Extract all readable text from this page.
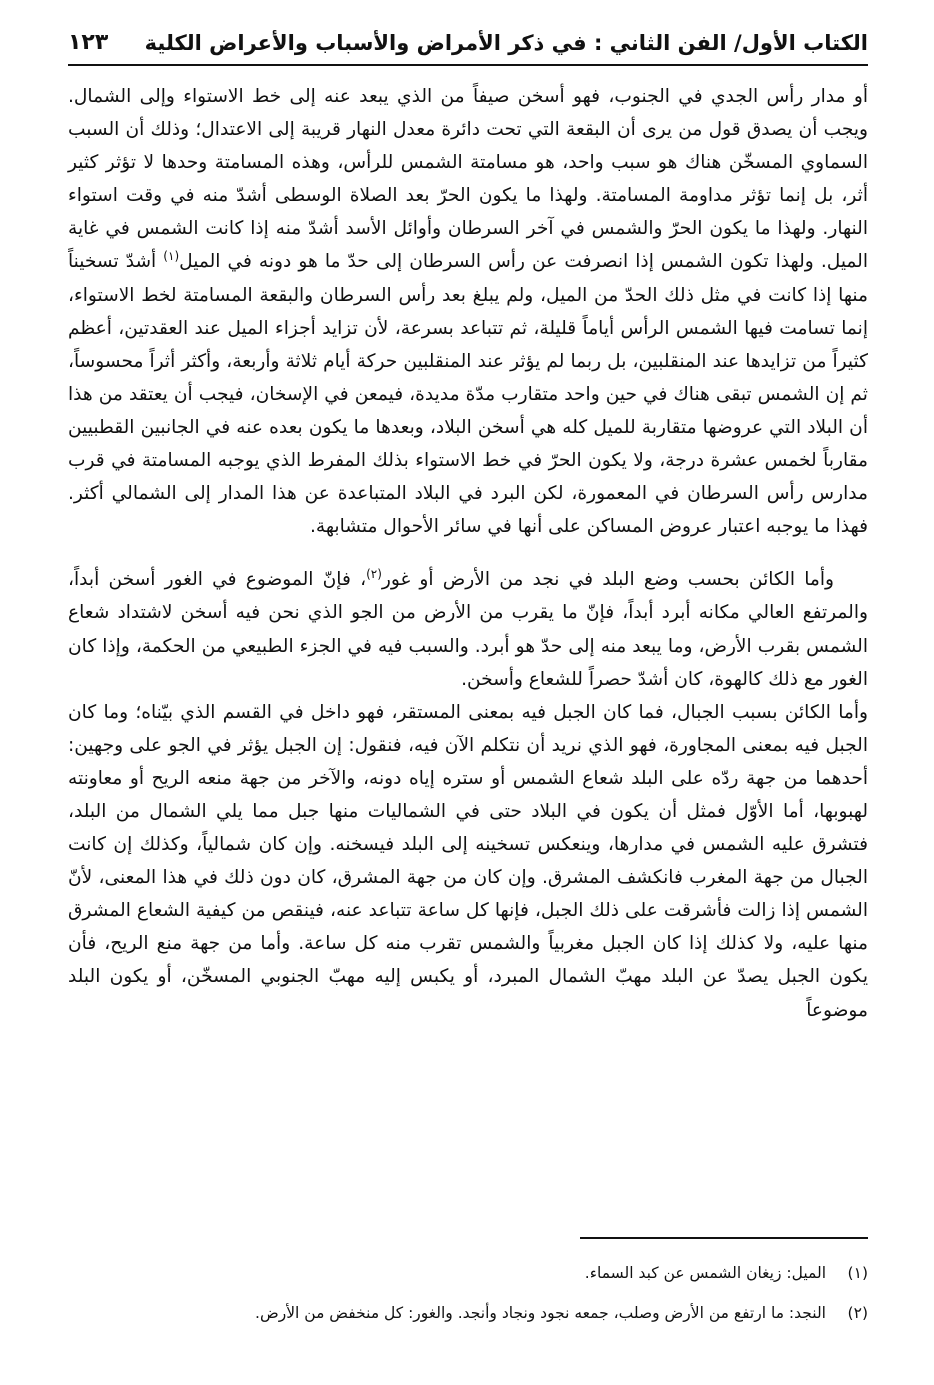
الكتاب الأول/ الفن الثاني : في ذكر الأمراض والأسباب والأعراض الكلية
١٢٣

أو مدار رأس الجدي في الجنوب، فهو أسخن صيفاً من الذي يبعد عنه إلى خط الاستواء وإلى الشمال. ويجب أن يصدق قول من يرى أن البقعة التي تحت دائرة معدل النهار قريبة إلى الاعتدال؛ وذلك أن السبب السماوي المسخّن هناك هو سبب واحد، هو مسامتة الشمس للرأس، وهذه المسامتة وحدها لا تؤثر كثير أثر، بل إنما تؤثر مداومة المسامتة. ولهذا ما يكون الحرّ بعد الصلاة الوسطى أشدّ منه في وقت استواء النهار. ولهذا ما يكون الحرّ والشمس في آخر السرطان وأوائل الأسد أشدّ منه إذا كانت الشمس في غاية الميل. ولهذا تكون الشمس إذا انصرفت عن رأس السرطان إلى حدّ ما هو دونه في الميل$^{(١)}$ أشدّ تسخيناً منها إذا كانت في مثل ذلك الحدّ من الميل، ولم يبلغ بعد رأس السرطان والبقعة المسامتة لخط الاستواء، إنما تسامت فيها الشمس الرأس أياماً قليلة، ثم تتباعد بسرعة، لأن تزايد أجزاء الميل عند العقدتين، أعظم كثيراً من تزايدها عند المنقلبين، بل ربما لم يؤثر عند المنقلبين حركة أيام ثلاثة وأربعة، وأكثر أثراً محسوساً، ثم إن الشمس تبقى هناك في حين واحد متقارب مدّة مديدة، فيمعن في الإسخان، فيجب أن يعتقد من هذا أن البلاد التي عروضها متقاربة للميل كله هي أسخن البلاد، وبعدها ما يكون بعده عنه في الجانبين القطبيين مقارباً لخمس عشرة درجة، ولا يكون الحرّ في خط الاستواء بذلك المفرط الذي يوجبه المسامتة في قرب مدارس رأس السرطان في المعمورة، لكن البرد في البلاد المتباعدة عن هذا المدار إلى الشمالي أكثر. فهذا ما يوجبه اعتبار عروض المساكن على أنها في سائر الأحوال متشابهة.

وأما الكائن بحسب وضع البلد في نجد من الأرض أو غور$^{(٢)}$، فإنّ الموضوع في الغور أسخن أبداً، والمرتفع العالي مكانه أبرد أبداً، فإنّ ما يقرب من الأرض من الجو الذي نحن فيه أسخن لاشتداد شعاع الشمس بقرب الأرض، وما يبعد منه إلى حدّ هو أبرد. والسبب فيه في الجزء الطبيعي من الحكمة، وإذا كان الغور مع ذلك كالهوة، كان أشدّ حصراً للشعاع وأسخن.

وأما الكائن بسبب الجبال، فما كان الجبل فيه بمعنى المستقر، فهو داخل في القسم الذي بيّناه؛ وما كان الجبل فيه بمعنى المجاورة، فهو الذي نريد أن نتكلم الآن فيه، فنقول: إن الجبل يؤثر في الجو على وجهين: أحدهما من جهة ردّه على البلد شعاع الشمس أو ستره إياه دونه، والآخر من جهة منعه الريح أو معاونته لهبوبها، أما الأوّل فمثل أن يكون في البلاد حتى في الشماليات منها جبل مما يلي الشمال من البلد، فتشرق عليه الشمس في مدارها، وينعكس تسخينه إلى البلد فيسخنه. وإن كان شمالياً، وكذلك إن كانت الجبال من جهة المغرب فانكشف المشرق. وإن كان من جهة المشرق، كان دون ذلك في هذا المعنى، لأنّ الشمس إذا زالت فأشرقت على ذلك الجبل، فإنها كل ساعة تتباعد عنه، فينقص من كيفية الشعاع المشرق منها عليه، ولا كذلك إذا كان الجبل مغربياً والشمس تقرب منه كل ساعة. وأما من جهة منع الريح، فأن يكون الجبل يصدّ عن البلد مهبّ الشمال المبرد، أو يكبس إليه مهبّ الجنوبي المسخّن، أو يكون البلد موضوعاً

(١)الميل: زيغان الشمس عن كبد السماء.

(٢)النجد: ما ارتفع من الأرض وصلب، جمعه نجود ونجاد وأنجد. والغور: كل منخفض من الأرض.
